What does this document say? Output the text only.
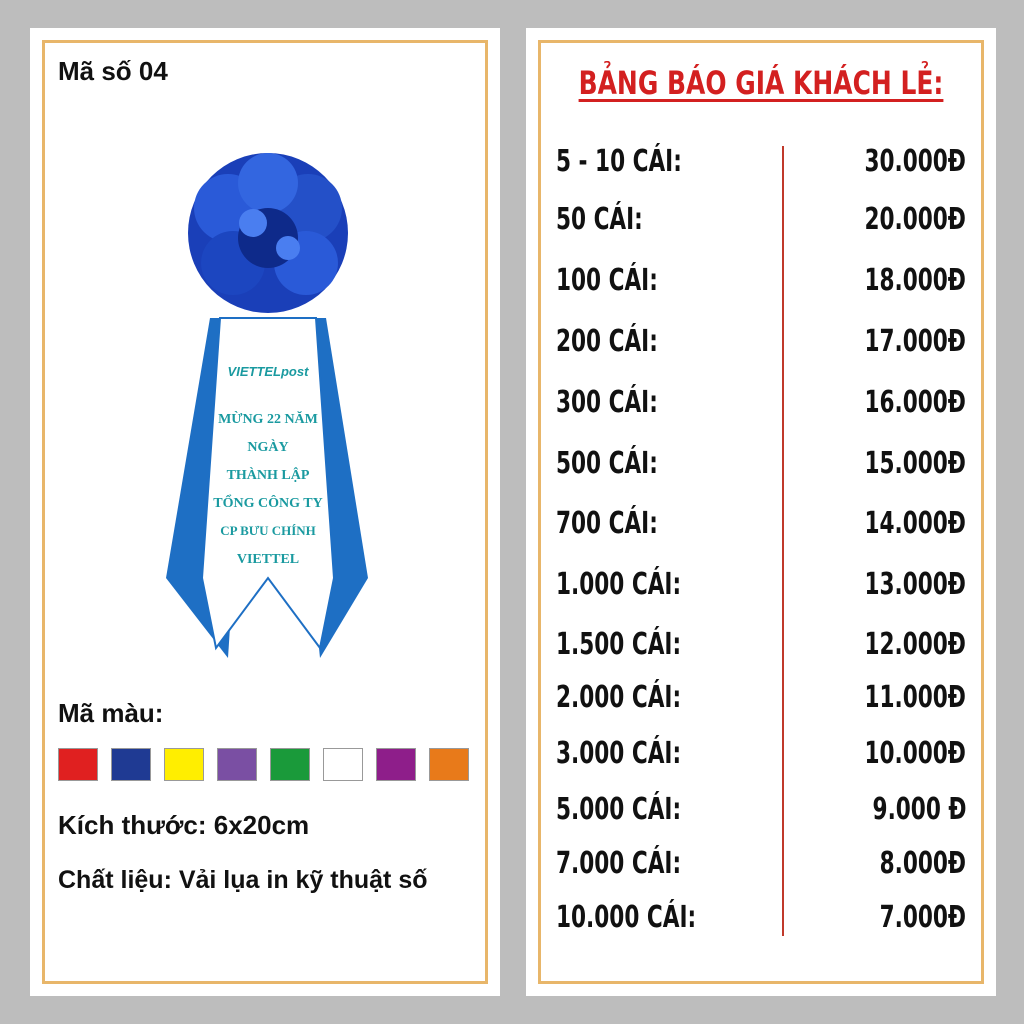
Mã số 04
VIETTELpost
MỪNG 22 NĂM
NGÀY
THÀNH LẬP
TỔNG CÔNG TY
CP BƯU CHÍNH
VIETTEL
Mã màu:
Kích thước: 6x20cm
Chất liệu: Vải lụa in kỹ thuật số
BẢNG BÁO GIÁ KHÁCH LẺ:
5 - 10 CÁI:	30.000Đ
50 CÁI:	20.000Đ
100 CÁI:	18.000Đ
200 CÁI:	17.000Đ
300 CÁI:	16.000Đ
500 CÁI:	15.000Đ
700 CÁI:	14.000Đ
1.000 CÁI:	13.000Đ
1.500 CÁI:	12.000Đ
2.000 CÁI:	11.000Đ
3.000 CÁI:	10.000Đ
5.000 CÁI:	9.000 Đ
7.000 CÁI:	8.000Đ
10.000 CÁI:	7.000Đ
